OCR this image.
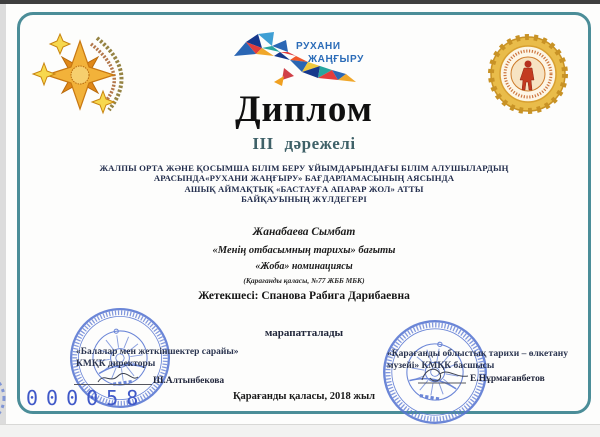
РУХАНИ
ЖАҢҒЫРУ
Диплом
III дәрежелі
ЖАЛПЫ ОРТА ЖӘНЕ ҚОСЫМША БІЛІМ БЕРУ ҰЙЫМДАРЫНДАҒЫ БІЛІМ АЛУШЫЛАРДЫҢ
АРАСЫНДА«РУХАНИ ЖАҢҒЫРУ» БАҒДАРЛАМАСЫНЫҢ АЯСЫНДА
АШЫҚ АЙМАҚТЫҚ «БАСТАУҒА АПАРАР ЖОЛ» АТТЫ
БАЙҚАУЫНЫҢ ЖҮЛДЕГЕРІ
Жанабаева Сымбат
«Менің отбасымның тарихы» бағыты
«Жоба» номинациясы
(Қарағанды қаласы, №77 ЖББ МБК)
Жетекшесі: Спанова Рабига Дарибаевна
марапатталады
«Балалар мен жеткіншектер сарайы»
КМҚК директоры
Ш.Алтынбекова
«Қарағанды облыстық тарихи – өлкетану
музейі» КМҚК басшысы
Е.Нұрмағанбетов
Қарағанды қаласы, 2018 жыл
000058
